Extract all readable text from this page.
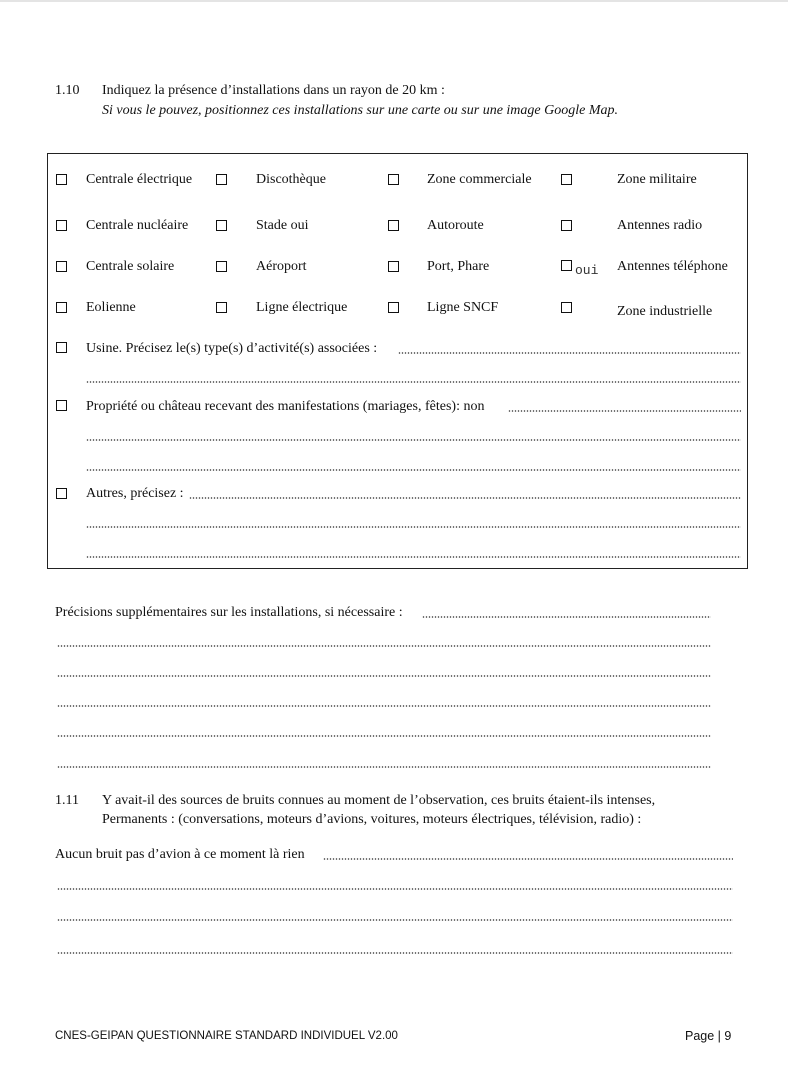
1.10 Indiquez la présence d’installations dans un rayon de 20 km :
Si vous le pouvez, positionnez ces installations sur une carte ou sur une image Google Map.
Centrale électrique	Discothèque	Zone commerciale	Zone militaire
Centrale nucléaire	Stade oui	Autoroute	Antennes radio
Centrale solaire	Aéroport	Port, Phare	oui Antennes téléphone
Eolienne	Ligne électrique	Ligne SNCF	Zone industrielle
Usine. Précisez le(s) type(s) d’activité(s) associées :
Propriété ou château recevant des manifestations (mariages, fêtes): non
Autres, précisez :
Précisions supplémentaires sur les installations, si nécessaire :
1.11 Y avait-il des sources de bruits connues au moment de l’observation, ces bruits étaient-ils intenses,
Permanents : (conversations, moteurs d’avions, voitures, moteurs électriques, télévision, radio) :
Aucun bruit pas d’avion à ce moment là rien
CNES-GEIPAN QUESTIONNAIRE STANDARD INDIVIDUEL V2.00	Page | 9
